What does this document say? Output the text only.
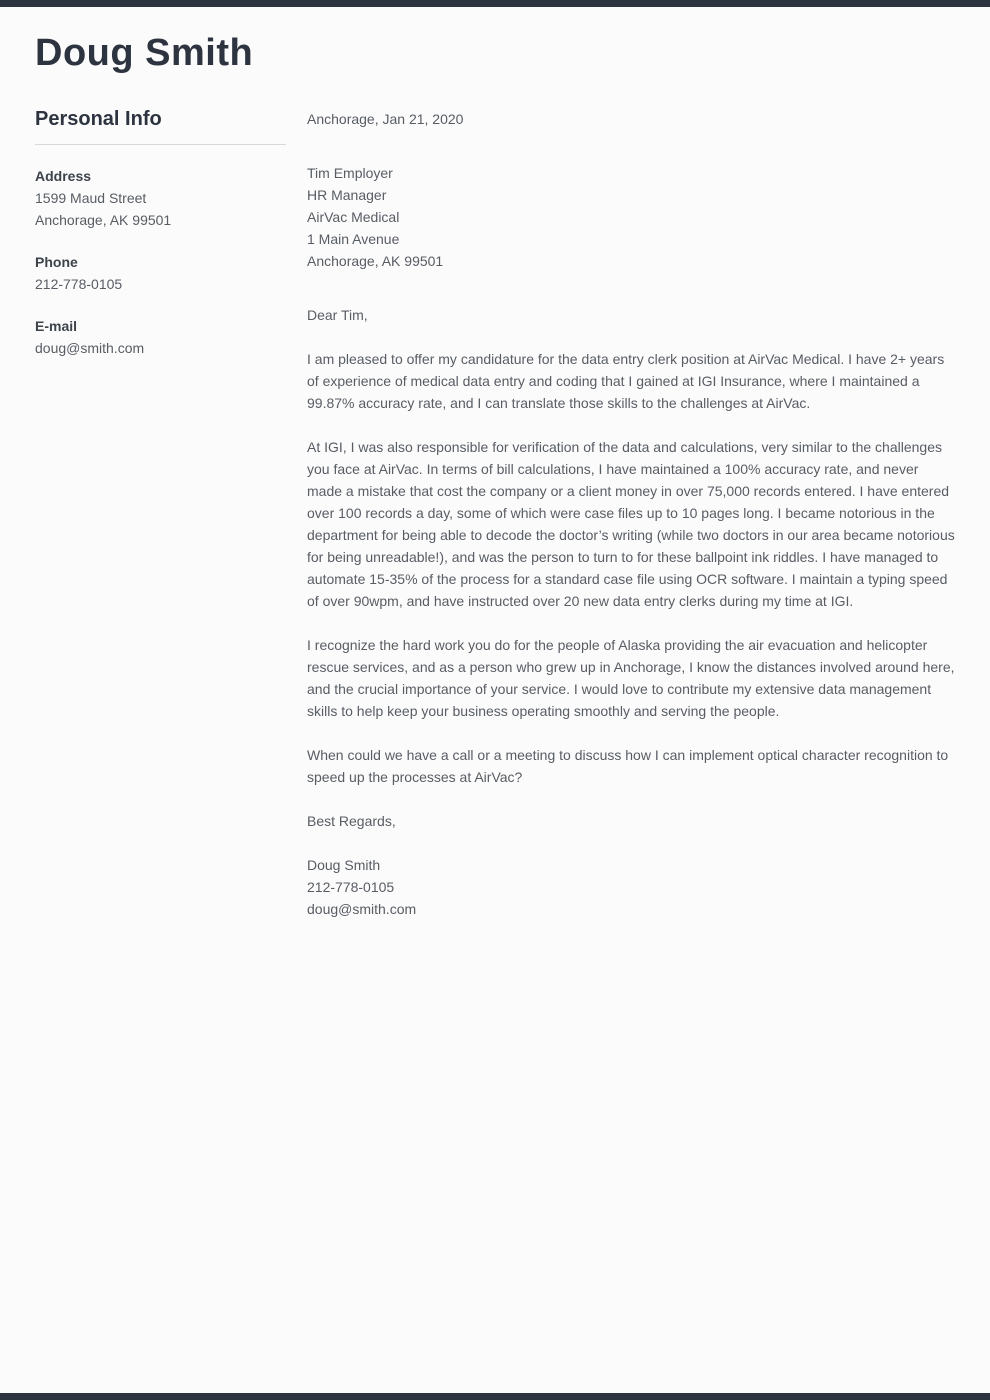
Doug Smith
Personal Info
Address
1599 Maud Street
Anchorage, AK 99501
Phone
212-778-0105
E-mail
doug@smith.com
Anchorage, Jan 21, 2020
Tim Employer
HR Manager
AirVac Medical
1 Main Avenue
Anchorage, AK 99501
Dear Tim,

I am pleased to offer my candidature for the data entry clerk position at AirVac Medical. I have 2+ years of experience of medical data entry and coding that I gained at IGI Insurance, where I maintained a 99.87% accuracy rate, and I can translate those skills to the challenges at AirVac.

At IGI, I was also responsible for verification of the data and calculations, very similar to the challenges you face at AirVac. In terms of bill calculations, I have maintained a 100% accuracy rate, and never made a mistake that cost the company or a client money in over 75,000 records entered. I have entered over 100 records a day, some of which were case files up to 10 pages long. I became notorious in the department for being able to decode the doctor’s writing (while two doctors in our area became notorious for being unreadable!), and was the person to turn to for these ballpoint ink riddles. I have managed to automate 15-35% of the process for a standard case file using OCR software. I maintain a typing speed of over 90wpm, and have instructed over 20 new data entry clerks during my time at IGI.

I recognize the hard work you do for the people of Alaska providing the air evacuation and helicopter rescue services, and as a person who grew up in Anchorage, I know the distances involved around here, and the crucial importance of your service. I would love to contribute my extensive data management skills to help keep your business operating smoothly and serving the people.

When could we have a call or a meeting to discuss how I can implement optical character recognition to speed up the processes at AirVac?

Best Regards,
Doug Smith
212-778-0105
doug@smith.com
